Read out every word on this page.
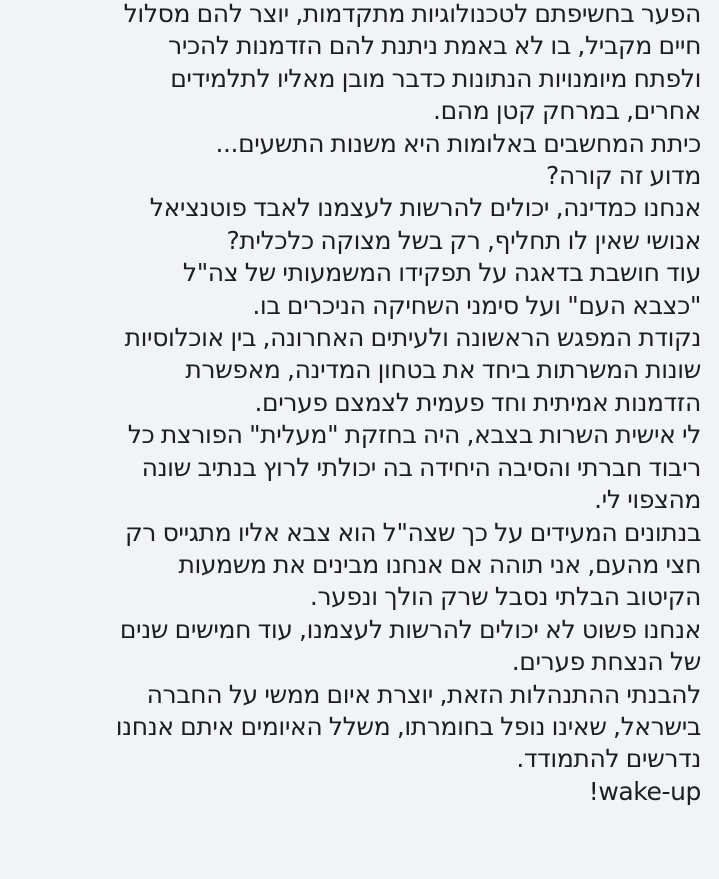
הפער בחשיפתם לטכנולוגיות מתקדמות, יוצר להם מסלול
חיים מקביל, בו לא באמת ניתנת להם הזדמנות להכיר
ולפתח מיומנויות הנתונות כדבר מובן מאליו לתלמידים
אחרים, במרחק קטן מהם.
כיתת המחשבים באלומות היא משנות התשעים...
מדוע זה קורה?
אנחנו כמדינה, יכולים להרשות לעצמנו לאבד פוטנציאל
אנושי שאין לו תחליף, רק בשל מצוקה כלכלית?
עוד חושבת בדאגה על תפקידו המשמעותי של צה"ל
"כצבא העם" ועל סימני השחיקה הניכרים בו.
נקודת המפגש הראשונה ולעיתים האחרונה, בין אוכלוסיות
שונות המשרתות ביחד את בטחון המדינה, מאפשרת
הזדמנות אמיתית וחד פעמית לצמצם פערים.
לי אישית השרות בצבא, היה בחזקת "מעלית" הפורצת כל
ריבוד חברתי והסיבה היחידה בה יכולתי לרוץ בנתיב שונה
מהצפוי לי.
בנתונים המעידים על כך שצה"ל הוא צבא אליו מתגייס רק
חצי מהעם, אני תוהה אם אנחנו מבינים את משמעות
הקיטוב הבלתי נסבל שרק הולך ונפער.
אנחנו פשוט לא יכולים להרשות לעצמנו, עוד חמישים שנים
של הנצחת פערים.
להבנתי ההתנהלות הזאת, יוצרת איום ממשי על החברה
בישראל, שאינו נופל בחומרתו, משלל האיומים איתם אנחנו
נדרשים להתמודד.
wake-up!
